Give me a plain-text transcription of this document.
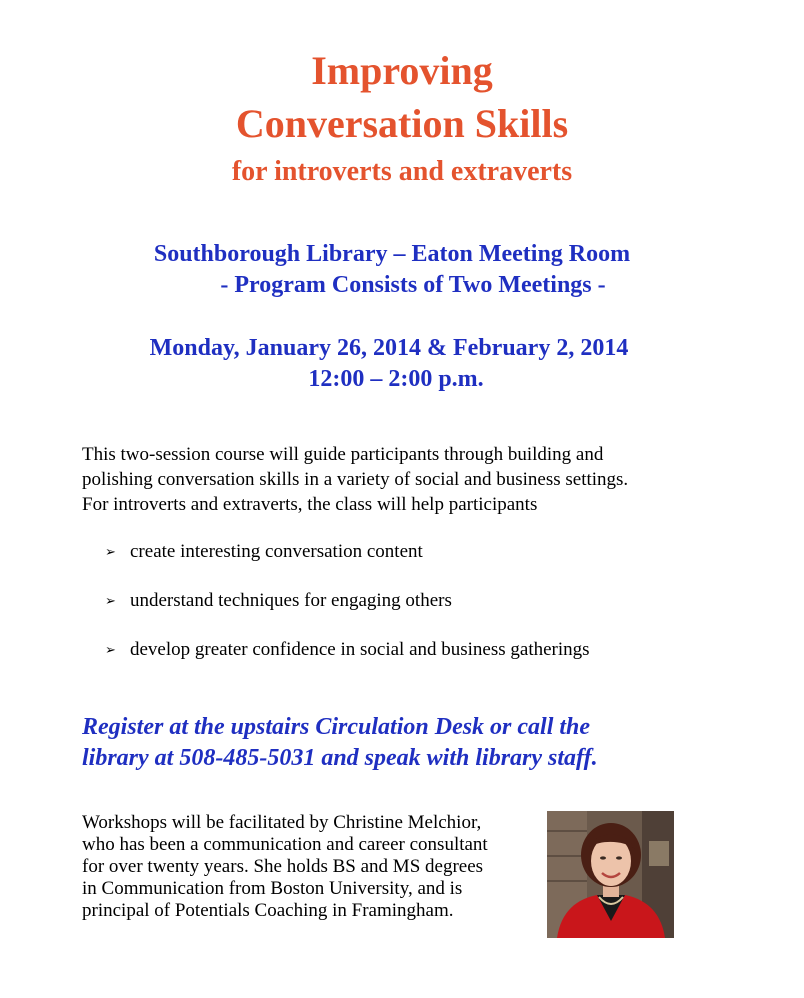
Improving
Conversation Skills
for introverts and extraverts

Southborough Library – Eaton Meeting Room

- Program Consists of Two Meetings -

Monday, January 26, 2014 & February 2, 2014

12:00 – 2:00 p.m.

This two-session course will guide participants through building and
polishing conversation skills in a variety of social and business settings.
For introverts and extraverts, the class will help participants

➢ create interesting conversation content
➢ understand techniques for engaging others
➢ develop greater confidence in social and business gatherings

Register at the upstairs Circulation Desk or call the
library at 508-485-5031 and speak with library staff.

Workshops will be facilitated by Christine Melchior,
who has been a communication and career consultant
for over twenty years. She holds BS and MS degrees
in Communication from Boston University, and is
principal of Potentials Coaching in Framingham.
